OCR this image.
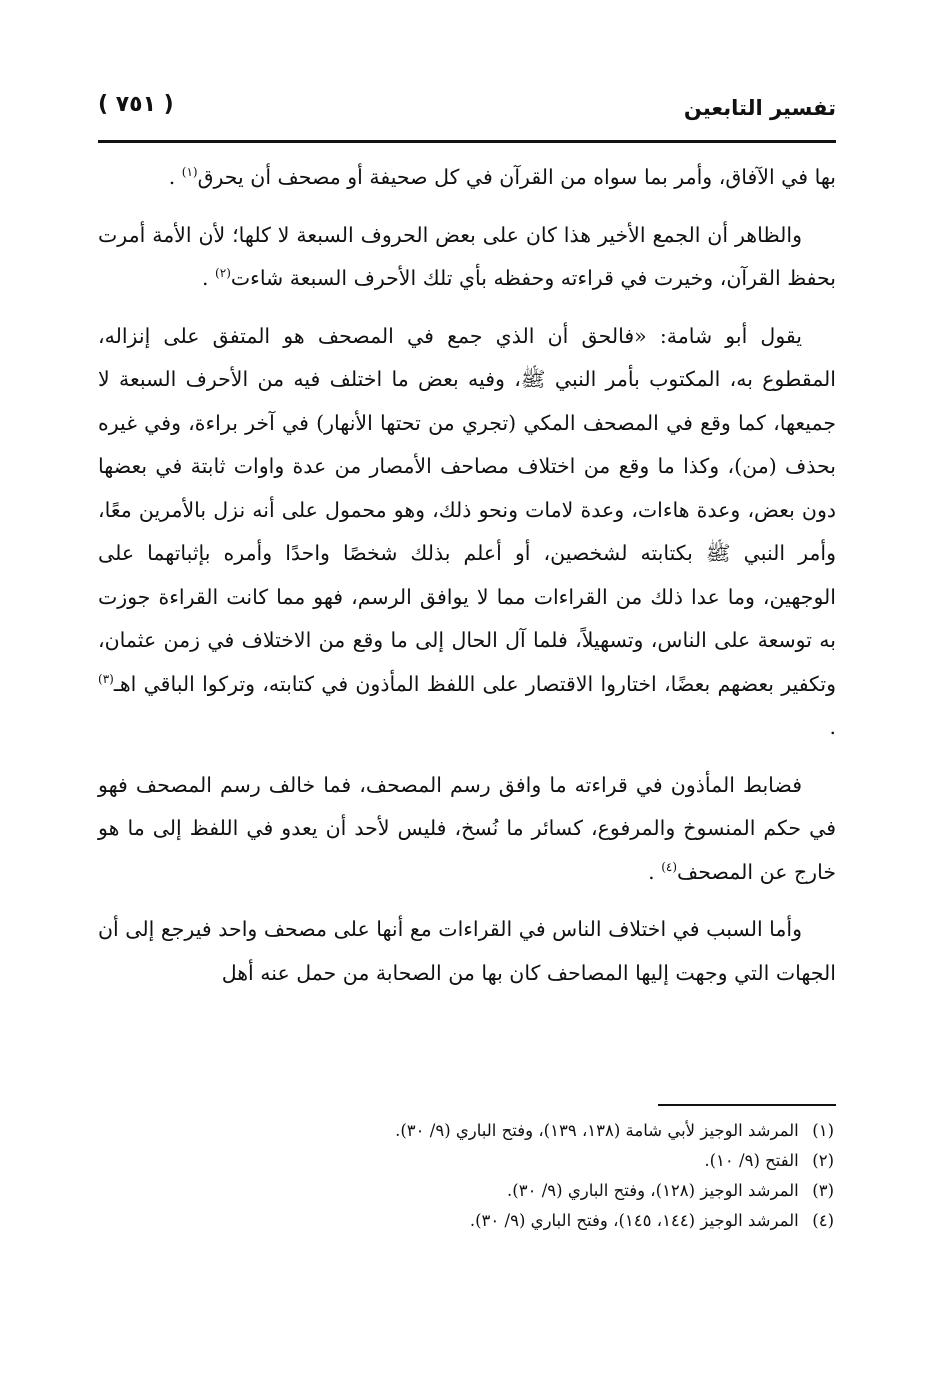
تفسير التابعين
( ٧٥١ )

بها في الآفاق، وأمر بما سواه من القرآن في كل صحيفة أو مصحف أن يحرق$^{(١)}$ .

والظاهر أن الجمع الأخير هذا كان على بعض الحروف السبعة لا كلها؛ لأن الأمة أمرت بحفظ القرآن، وخيرت في قراءته وحفظه بأي تلك الأحرف السبعة شاءت$^{(٢)}$ .

يقول أبو شامة: «فالحق أن الذي جمع في المصحف هو المتفق على إنزاله، المقطوع به، المكتوب بأمر النبي ﷺ، وفيه بعض ما اختلف فيه من الأحرف السبعة لا جميعها، كما وقع في المصحف المكي (تجري من تحتها الأنهار) في آخر براءة، وفي غيره بحذف (من)، وكذا ما وقع من اختلاف مصاحف الأمصار من عدة واوات ثابتة في بعضها دون بعض، وعدة هاءات، وعدة لامات ونحو ذلك، وهو محمول على أنه نزل بالأمرين معًا، وأمر النبي ﷺ بكتابته لشخصين، أو أعلم بذلك شخصًا واحدًا وأمره بإثباتهما على الوجهين، وما عدا ذلك من القراءات مما لا يوافق الرسم، فهو مما كانت القراءة جوزت به توسعة على الناس، وتسهيلاً، فلما آل الحال إلى ما وقع من الاختلاف في زمن عثمان، وتكفير بعضهم بعضًا، اختاروا الاقتصار على اللفظ المأذون في كتابته، وتركوا الباقي اهـ$^{(٣)}$ .

فضابط المأذون في قراءته ما وافق رسم المصحف، فما خالف رسم المصحف فهو في حكم المنسوخ والمرفوع، كسائر ما نُسخ، فليس لأحد أن يعدو في اللفظ إلى ما هو خارج عن المصحف$^{(٤)}$ .

وأما السبب في اختلاف الناس في القراءات مع أنها على مصحف واحد فيرجع إلى أن الجهات التي وجهت إليها المصاحف كان بها من الصحابة من حمل عنه أهل

(١) المرشد الوجيز لأبي شامة (١٣٨، ١٣٩)، وفتح الباري (٩/ ٣٠).
(٢) الفتح (٩/ ١٠).
(٣) المرشد الوجيز (١٢٨)، وفتح الباري (٩/ ٣٠).
(٤) المرشد الوجيز (١٤٤، ١٤٥)، وفتح الباري (٩/ ٣٠).
